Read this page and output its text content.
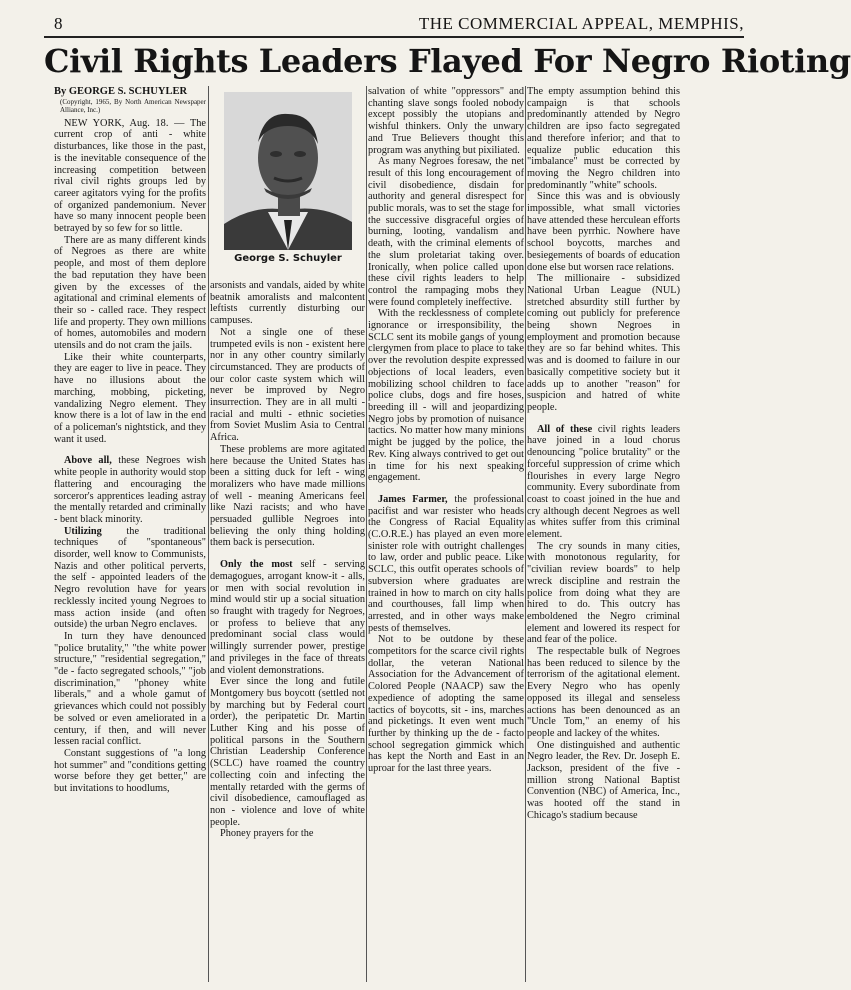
8	THE COMMERCIAL APPEAL, MEMPHIS,
Civil Rights Leaders Flayed For Negro Rioting

By GEORGE S. SCHUYLER

(Copyright, 1965, By North American Newspaper Alliance, Inc.)

NEW YORK, Aug. 18. — The current crop of anti - white disturbances, like those in the past, is the inevitable consequence of the increasing competition between rival civil rights groups led by career agitators vying for the profits of organized pandemonium. Never have so many innocent people been betrayed by so few for so little.

There are as many different kinds of Negroes as there are white people, and most of them deplore the bad reputation they have been given by the excesses of the agitational and criminal elements of their so - called race. They respect life and property. They own millions of homes, automobiles and modern utensils and do not cram the jails.

Like their white counterparts, they are eager to live in peace. They have no illusions about the marching, mobbing, picketing, vandalizing Negro element. They know there is a lot of law in the end of a policeman's nightstick, and they want it used.

Above all, these Negroes wish white people in authority would stop flattering and encouraging the sorceror's apprentices leading astray the mentally retarded and criminally - bent black minority.

Utilizing the traditional techniques of "spontaneous" disorder, well know to Communists, Nazis and other political perverts, the self - appointed leaders of the Negro revolution have for years recklessly incited young Negroes to mass action inside (and often outside) the urban Negro enclaves.

In turn they have denounced "police brutality," "the white power structure," "residential segregation," "de - facto segregated schools," "job discrimination," "phoney white liberals," and a whole gamut of grievances which could not possibly be solved or even ameliorated in a century, if then, and will never lessen racial conflict.

Constant suggestions of "a long hot summer" and "conditions getting worse before they get better," are but invitations to hoodlums,

George S. Schuyler

arsonists and vandals, aided by white beatnik amoralists and malcontent leftists currently disturbing our campuses.

Not a single one of these trumpeted evils is non - existent here nor in any other country similarly circumstanced. They are products of our color caste system which will never be improved by Negro insurrection. They are in all multi - racial and multi - ethnic societies from Soviet Muslim Asia to Central Africa.

These problems are more agitated here because the United States has been a sitting duck for left - wing moralizers who have made millions of well - meaning Americans feel like Nazi racists; and who have persuaded gullible Negroes into believing the only thing holding them back is persecution.

Only the most self - serving demagogues, arrogant know-it - alls, or men with social revolution in mind would stir up a social situation so fraught with tragedy for Negroes, or profess to believe that any predominant social class would willingly surrender power, prestige and privileges in the face of threats and violent demonstrations.

Ever since the long and futile Montgomery bus boycott (settled not by marching but by Federal court order), the peripatetic Dr. Martin Luther King and his posse of political parsons in the Southern Christian Leadership Conference (SCLC) have roamed the country collecting coin and infecting the mentally retarded with the germs of civil disobedience, camouflaged as non - violence and love of white people.

Phoney prayers for the

salvation of white "oppressors" and chanting slave songs fooled nobody except possibly the utopians and wishful thinkers. Only the unwary and True Believers thought this program was anything but pixiliated.

As many Negroes foresaw, the net result of this long encouragement of civil disobedience, disdain for authority and general disrespect for public morals, was to set the stage for the successive disgraceful orgies of burning, looting, vandalism and death, with the criminal elements of the slum proletariat taking over. Ironically, when police called upon these civil rights leaders to help control the rampaging mobs they were found completely ineffective.

With the recklessness of complete ignorance or irresponsibility, the SCLC sent its mobile gangs of young clergymen from place to place to take over the revolution despite expressed objections of local leaders, even mobilizing school children to face police clubs, dogs and fire hoses, breeding ill - will and jeopardizing Negro jobs by promotion of nuisance tactics. No matter how many minions might be jugged by the police, the Rev. King always contrived to get out in time for his next speaking engagement.

James Farmer, the professional pacifist and war resister who heads the Congress of Racial Equality (C.O.R.E.) has played an even more sinister role with outright challenges to law, order and public peace. Like SCLC, this outfit operates schools of subversion where graduates are trained in how to march on city halls and courthouses, fall limp when arrested, and in other ways make pests of themselves.

Not to be outdone by these competitors for the scarce civil rights dollar, the veteran National Association for the Advancement of Colored People (NAACP) saw the expedience of adopting the same tactics of boycotts, sit - ins, marches and picketings. It even went much further by thinking up the de - facto school segregation gimmick which has kept the North and East in an uproar for the last three years.

The empty assumption behind this campaign is that schools predominantly attended by Negro children are ipso facto segregated and therefore inferior; and that to equalize public education this "imbalance" must be corrected by moving the Negro children into predominantly "white" schools.

Since this was and is obviously impossible, what small victories have attended these herculean efforts have been pyrrhic. Nowhere have school boycotts, marches and besiegements of boards of education done else but worsen race relations.

The millionaire - subsidized National Urban League (NUL) stretched absurdity still further by coming out publicly for preference being shown Negroes in employment and promotion because they are so far behind whites. This was and is doomed to failure in our basically competitive society but it adds up to another "reason" for suspicion and hatred of white people.

All of these civil rights leaders have joined in a loud chorus denouncing "police brutality" or the forceful suppression of crime which flourishes in every large Negro community. Every subordinate from coast to coast joined in the hue and cry although decent Negroes as well as whites suffer from this criminal element.

The cry sounds in many cities, with monotonous regularity, for "civilian review boards" to help wreck discipline and restrain the police from doing what they are hired to do. This outcry has emboldened the Negro criminal element and lowered its respect for and fear of the police.

The respectable bulk of Negroes has been reduced to silence by the terrorism of the agitational element. Every Negro who has openly opposed its illegal and senseless actions has been denounced as an "Uncle Tom," an enemy of his people and lackey of the whites.

One distinguished and authentic Negro leader, the Rev. Dr. Joseph E. Jackson, president of the five - million strong National Baptist Convention (NBC) of America, Inc., was hooted off the stand in Chicago's stadium because
